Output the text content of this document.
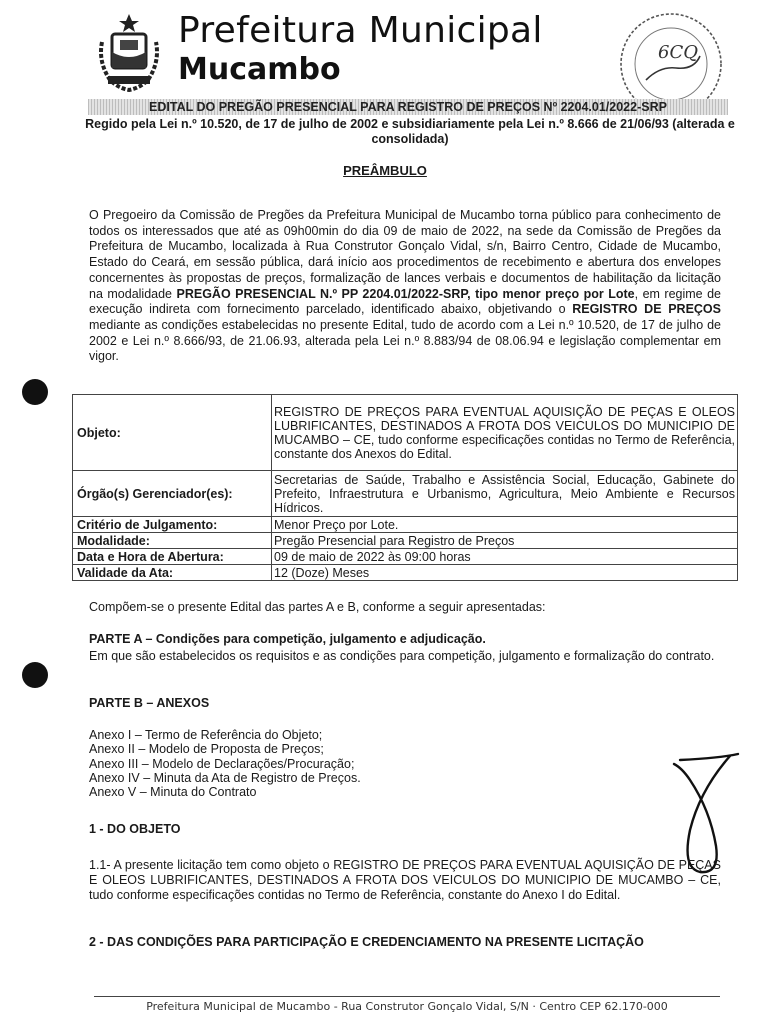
Prefeitura Municipal
Mucambo	6CQ
EDITAL DO PREGÃO PRESENCIAL PARA REGISTRO DE PREÇOS Nº 2204.01/2022-SRP
Regido pela Lei n.º 10.520, de 17 de julho de 2002 e subsidiariamente pela Lei n.º 8.666 de 21/06/93 (alterada e consolidada)
PREÂMBULO
O Pregoeiro da Comissão de Pregões da Prefeitura Municipal de Mucambo torna público para conhecimento de todos os interessados que até as 09h00min do dia 09 de maio de 2022, na sede da Comissão de Pregões da Prefeitura de Mucambo, localizada à Rua Construtor Gonçalo Vidal, s/n, Bairro Centro, Cidade de Mucambo, Estado do Ceará, em sessão pública, dará início aos procedimentos de recebimento e abertura dos envelopes concernentes às propostas de preços, formalização de lances verbais e documentos de habilitação da licitação na modalidade PREGÃO PRESENCIAL N.º PP 2204.01/2022-SRP, tipo menor preço por Lote, em regime de execução indireta com fornecimento parcelado, identificado abaixo, objetivando o REGISTRO DE PREÇOS mediante as condições estabelecidas no presente Edital, tudo de acordo com a Lei n.º 10.520, de 17 de julho de 2002 e Lei n.º 8.666/93, de 21.06.93, alterada pela Lei n.º 8.883/94 de 08.06.94 e legislação complementar em vigor.
Objeto:	REGISTRO DE PREÇOS PARA EVENTUAL AQUISIÇÃO DE PEÇAS E OLEOS LUBRIFICANTES, DESTINADOS A FROTA DOS VEICULOS DO MUNICIPIO DE MUCAMBO – CE, tudo conforme especificações contidas no Termo de Referência, constante dos Anexos do Edital.
Órgão(s) Gerenciador(es):	Secretarias de Saúde, Trabalho e Assistência Social, Educação, Gabinete do Prefeito, Infraestrutura e Urbanismo, Agricultura, Meio Ambiente e Recursos Hídricos.
Critério de Julgamento:	Menor Preço por Lote.
Modalidade:	Pregão Presencial para Registro de Preços
Data e Hora de Abertura:	09 de maio de 2022 às 09:00 horas
Validade da Ata:	12 (Doze) Meses
Compõem-se o presente Edital das partes A e B, conforme a seguir apresentadas:
PARTE A – Condições para competição, julgamento e adjudicação.
Em que são estabelecidos os requisitos e as condições para competição, julgamento e formalização do contrato.
PARTE B – ANEXOS
Anexo I – Termo de Referência do Objeto;
Anexo II – Modelo de Proposta de Preços;
Anexo III – Modelo de Declarações/Procuração;
Anexo IV – Minuta da Ata de Registro de Preços.
Anexo V – Minuta do Contrato
1 - DO OBJETO
1.1- A presente licitação tem como objeto o REGISTRO DE PREÇOS PARA EVENTUAL AQUISIÇÃO DE PEÇAS E OLEOS LUBRIFICANTES, DESTINADOS A FROTA DOS VEICULOS DO MUNICIPIO DE MUCAMBO – CE, tudo conforme especificações contidas no Termo de Referência, constante do Anexo I do Edital.
2 - DAS CONDIÇÕES PARA PARTICIPAÇÃO E CREDENCIAMENTO NA PRESENTE LICITAÇÃO
Prefeitura Municipal de Mucambo - Rua Construtor Gonçalo Vidal, S/N · Centro CEP 62.170-000
